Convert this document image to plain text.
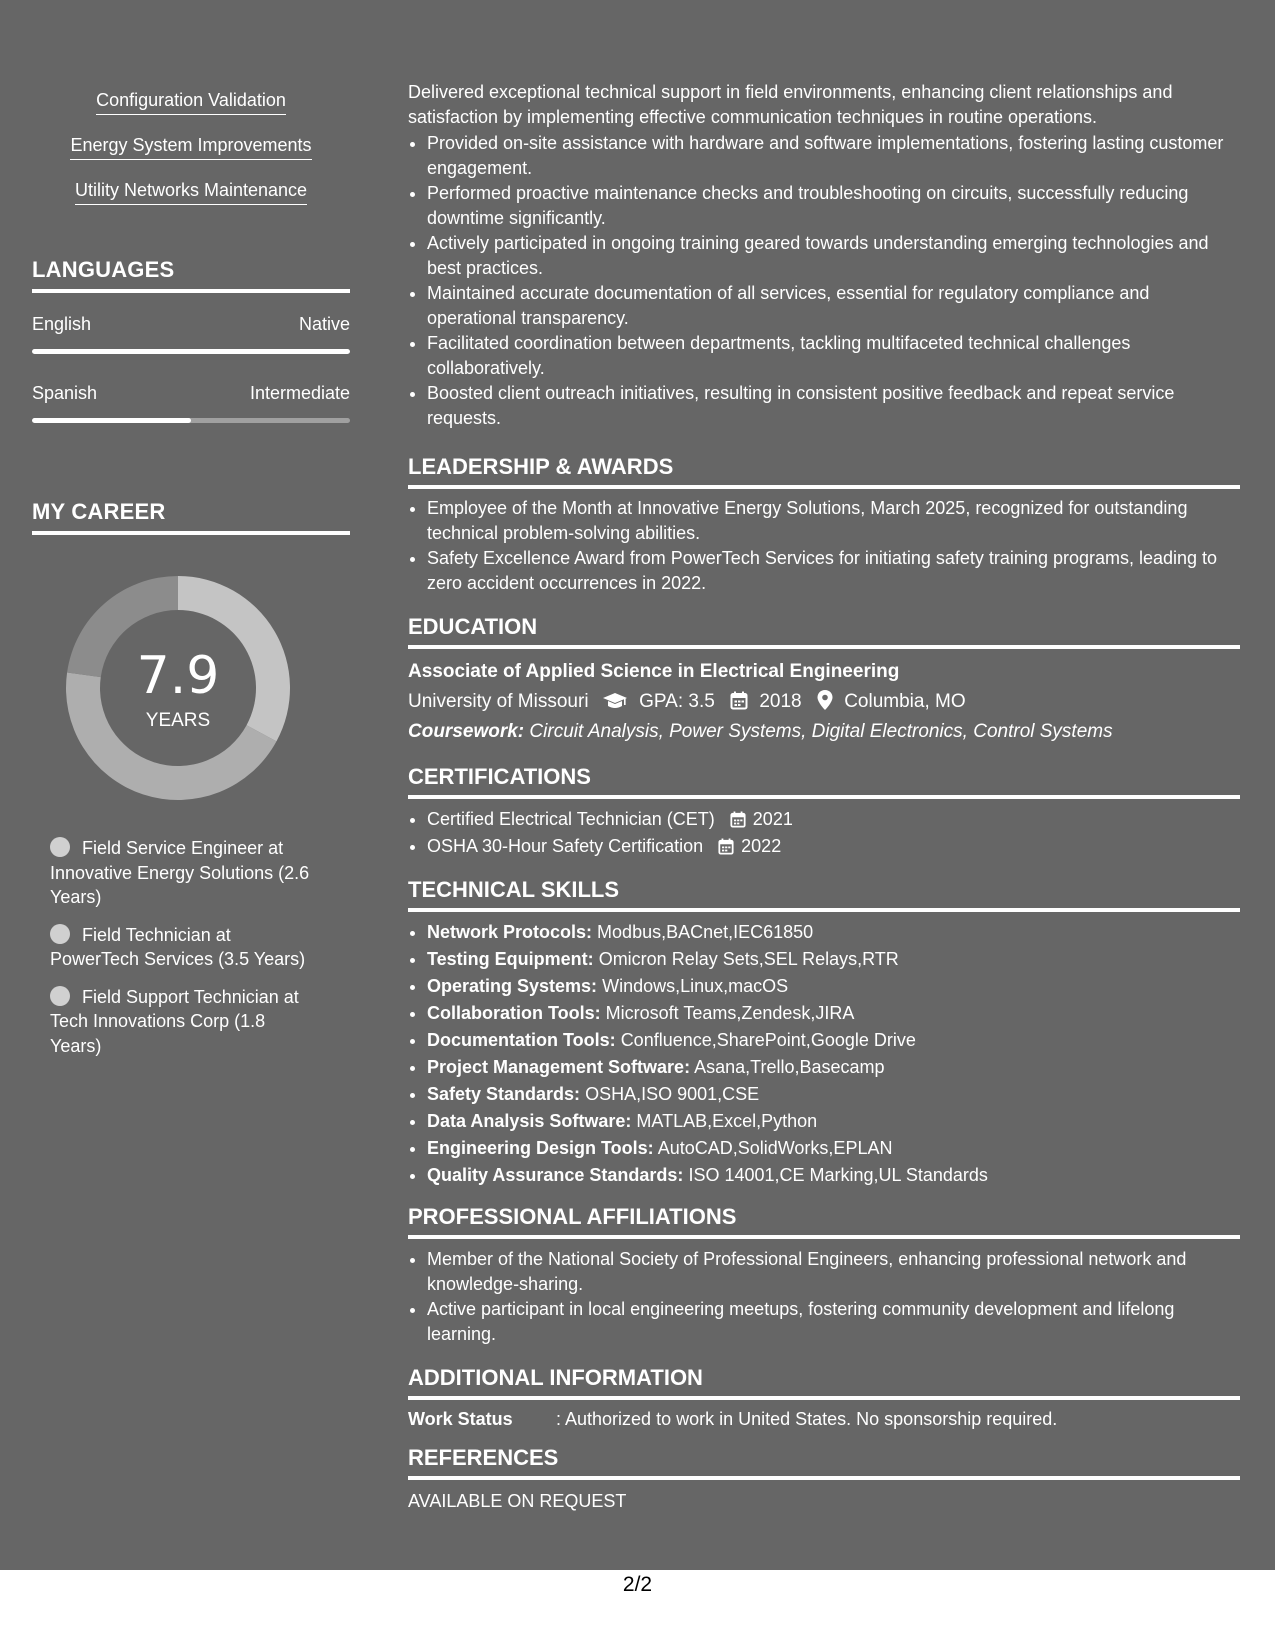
Configuration Validation
Energy System Improvements
Utility Networks Maintenance
LANGUAGES
English	Native
Spanish	Intermediate
MY CAREER
7.9
YEARS
Field Service Engineer at Innovative Energy Solutions (2.6 Years)
Field Technician at PowerTech Services (3.5 Years)
Field Support Technician at Tech Innovations Corp (1.8 Years)
Delivered exceptional technical support in field environments, enhancing client relationships and satisfaction by implementing effective communication techniques in routine operations.
• Provided on-site assistance with hardware and software implementations, fostering lasting customer engagement.
• Performed proactive maintenance checks and troubleshooting on circuits, successfully reducing downtime significantly.
• Actively participated in ongoing training geared towards understanding emerging technologies and best practices.
• Maintained accurate documentation of all services, essential for regulatory compliance and operational transparency.
• Facilitated coordination between departments, tackling multifaceted technical challenges collaboratively.
• Boosted client outreach initiatives, resulting in consistent positive feedback and repeat service requests.
LEADERSHIP & AWARDS
• Employee of the Month at Innovative Energy Solutions, March 2025, recognized for outstanding technical problem-solving abilities.
• Safety Excellence Award from PowerTech Services for initiating safety training programs, leading to zero accident occurrences in 2022.
EDUCATION
Associate of Applied Science in Electrical Engineering
University of Missouri	GPA: 3.5 2018 Columbia, MO
Coursework: Circuit Analysis, Power Systems, Digital Electronics, Control Systems
CERTIFICATIONS
• Certified Electrical Technician (CET) 2021
• OSHA 30-Hour Safety Certification 2022
TECHNICAL SKILLS
• Network Protocols: Modbus,BACnet,IEC61850
• Testing Equipment: Omicron Relay Sets,SEL Relays,RTR
• Operating Systems: Windows,Linux,macOS
• Collaboration Tools: Microsoft Teams,Zendesk,JIRA
• Documentation Tools: Confluence,SharePoint,Google Drive
• Project Management Software: Asana,Trello,Basecamp
• Safety Standards: OSHA,ISO 9001,CSE
• Data Analysis Software: MATLAB,Excel,Python
• Engineering Design Tools: AutoCAD,SolidWorks,EPLAN
• Quality Assurance Standards: ISO 14001,CE Marking,UL Standards
PROFESSIONAL AFFILIATIONS
• Member of the National Society of Professional Engineers, enhancing professional network and knowledge-sharing.
• Active participant in local engineering meetups, fostering community development and lifelong learning.
ADDITIONAL INFORMATION
Work Status : Authorized to work in United States. No sponsorship required.
REFERENCES
AVAILABLE ON REQUEST
2/2
